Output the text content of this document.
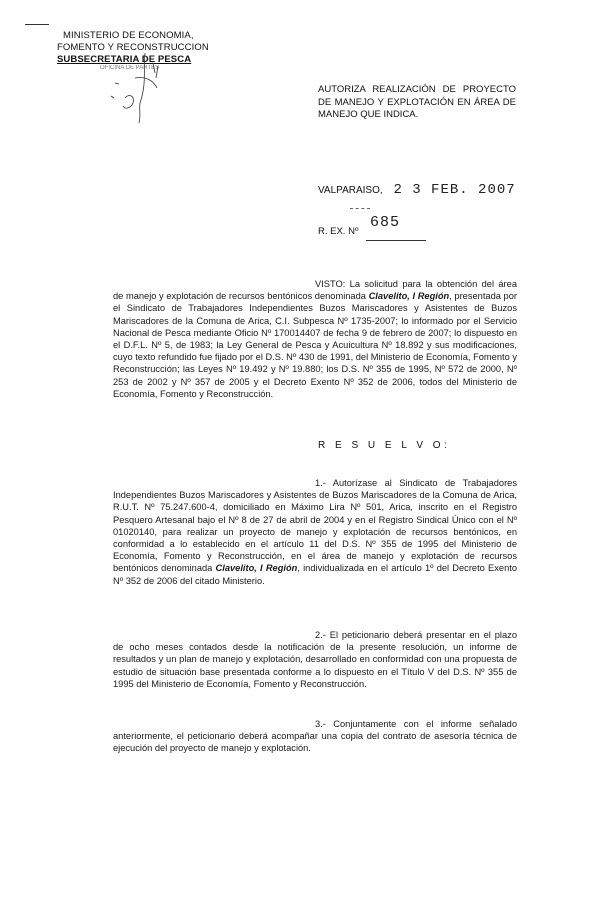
MINISTERIO DE ECONOMIA,
FOMENTO Y RECONSTRUCCION
SUBSECRETARIA DE PESCA
OFICINA DE PARTES
AUTORIZA REALIZACIÓN DE PROYECTO DE MANEJO Y EXPLOTACIÓN EN ÁREA DE MANEJO QUE INDICA.
VALPARAISO, 2 3 FEB. 2007
R. EX. Nº
685
VISTO: La solicitud para la obtención del área de manejo y explotación de recursos bentónicos denominada Clavelito, I Región, presentada por el Sindicato de Trabajadores Independientes Buzos Mariscadores y Asistentes de Buzos Mariscadores de la Comuna de Arica, C.I. Subpesca Nº 1735-2007; lo informado por el Servicio Nacional de Pesca mediante Oficio Nº 170014407 de fecha 9 de febrero de 2007; lo dispuesto en el D.F.L. Nº 5, de 1983; la Ley General de Pesca y Acuicultura Nº 18.892 y sus modificaciones, cuyo texto refundido fue fijado por el D.S. Nº 430 de 1991, del Ministerio de Economía, Fomento y Reconstrucción; las Leyes Nº 19.492 y Nº 19.880; los D.S. Nº 355 de 1995, Nº 572 de 2000, Nº 253 de 2002 y Nº 357 de 2005 y el Decreto Exento Nº 352 de 2006, todos del Ministerio de Economía, Fomento y Reconstrucción.
R E S U E L V O:
1.- Autorízase al Sindicato de Trabajadores Independientes Buzos Mariscadores y Asistentes de Buzos Mariscadores de la Comuna de Arica, R.U.T. Nº 75.247.600-4, domiciliado en Máximo Lira Nº 501, Arica, inscrito en el Registro Pesquero Artesanal bajo el Nº 8 de 27 de abril de 2004 y en el Registro Sindical Único con el Nº 01020140, para realizar un proyecto de manejo y explotación de recursos bentónicos, en conformidad a lo establecido en el artículo 11 del D.S. Nº 355 de 1995 del Ministerio de Economía, Fomento y Reconstrucción, en el área de manejo y explotación de recursos bentónicos denominada Clavelito, I Región, individualizada en el artículo 1º del Decreto Exento Nº 352 de 2006 del citado Ministerio.
2.- El peticionario deberá presentar en el plazo de ocho meses contados desde la notificación de la presente resolución, un informe de resultados y un plan de manejo y explotación, desarrollado en conformidad con una propuesta de estudio de situación base presentada conforme a lo dispuesto en el Título V del D.S. Nº 355 de 1995 del Ministerio de Economía, Fomento y Reconstrucción.
3.- Conjuntamente con el informe señalado anteriormente, el peticionario deberá acompañar una copia del contrato de asesoría técnica de ejecución del proyecto de manejo y explotación.
